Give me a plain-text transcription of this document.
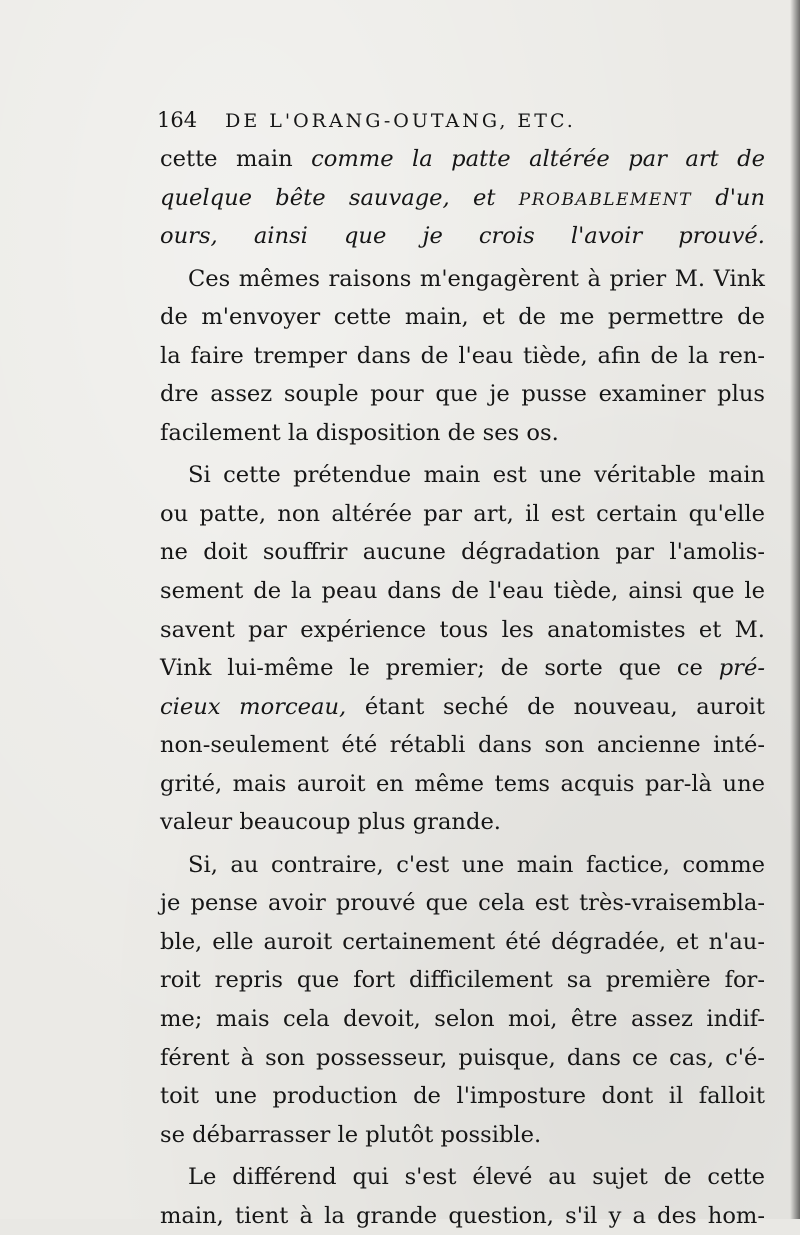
164 DE L'ORANG-OUTANG, ETC.
cette main comme la patte altérée par art de
quelque bête sauvage, et PROBABLEMENT d'un
ours, ainsi que je crois l'avoir prouvé.
Ces mêmes raisons m'engagèrent à prier M. Vink
de m'envoyer cette main, et de me permettre de
la faire tremper dans de l'eau tiède, afin de la ren-
dre assez souple pour que je pusse examiner plus
facilement la disposition de ses os.
Si cette prétendue main est une véritable main
ou patte, non altérée par art, il est certain qu'elle
ne doit souffrir aucune dégradation par l'amolis-
sement de la peau dans de l'eau tiède, ainsi que le
savent par expérience tous les anatomistes et M.
Vink lui-même le premier; de sorte que ce pré-
cieux morceau, étant seché de nouveau, auroit
non-seulement été rétabli dans son ancienne inté-
grité, mais auroit en même tems acquis par-là une
valeur beaucoup plus grande.
Si, au contraire, c'est une main factice, comme
je pense avoir prouvé que cela est très-vraisembla-
ble, elle auroit certainement été dégradée, et n'au-
roit repris que fort difficilement sa première for-
me; mais cela devoit, selon moi, être assez indif-
férent à son possesseur, puisque, dans ce cas, c'é-
toit une production de l'imposture dont il falloit
se débarrasser le plutôt possible.
Le différend qui s'est élevé au sujet de cette
main, tient à la grande question, s'il y a des hom-
